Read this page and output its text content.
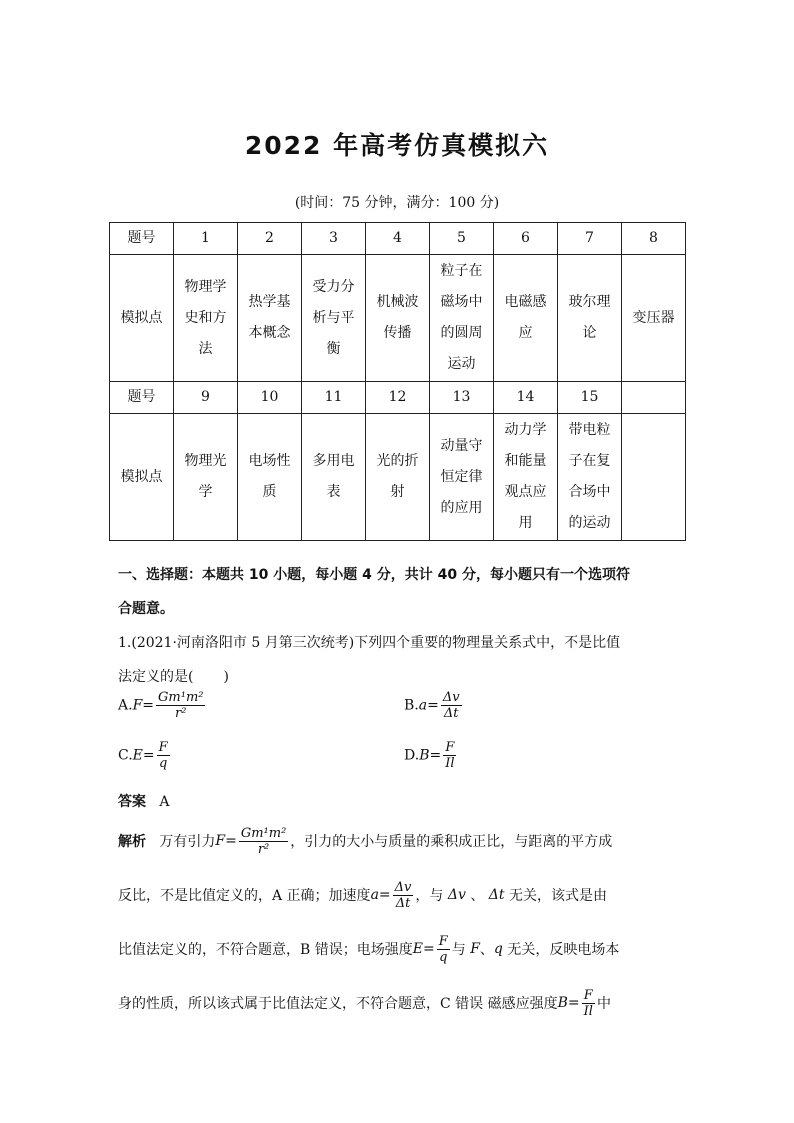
2022 年高考仿真模拟六
(时间：75 分钟，满分：100 分)
题号	1	2	3	4	5	6	7	8
模拟点	物理学史和方法	热学基本概念	受力分析与平衡	机械波传播	粒子在磁场中的圆周运动	电磁感应	玻尔理论	变压器
题号	9	10	11	12	13	14	15	
模拟点	物理光学	电场性质	多用电表	光的折射	动量守恒定律的应用	动力学和能量观点应用	带电粒子在复合场中的运动	
一、选择题：本题共 10 小题，每小题 4 分，共计 40 分，每小题只有一个选项符
合题意。
1.(2021·河南洛阳市 5 月第三次统考)下列四个重要的物理量关系式中，不是比值
法定义的是( )
$A.F= \frac{\text{Gm¹m²}}{\text{r²}}$	$B.a= \frac{\Delta v}{\Delta t}$
$C.E= \frac{F}{q}$	$D.B= \frac{F}{Il}$
答案 A
解析
万有引力 $F = \frac{\text{Gm¹m²}}{\text{r²}}$ ，引力的大小与质量的乘积成正比，与距离的平方成
反比，不是比值定义的，A 正确；加速度 $a = \frac{\Delta v}{\Delta t}$ ，与
Δv
、
Δt
无关，该式是由
比值法定义的，不符合题意，B 错误；电场强度 $E = \frac{F}{q}$ 与
F 、 q
无关，反映电场本
身的性质，所以该式属于比值法定义，不符合题意，C 错误 磁感应强度 $B = \frac{F}{Il}$ 中
